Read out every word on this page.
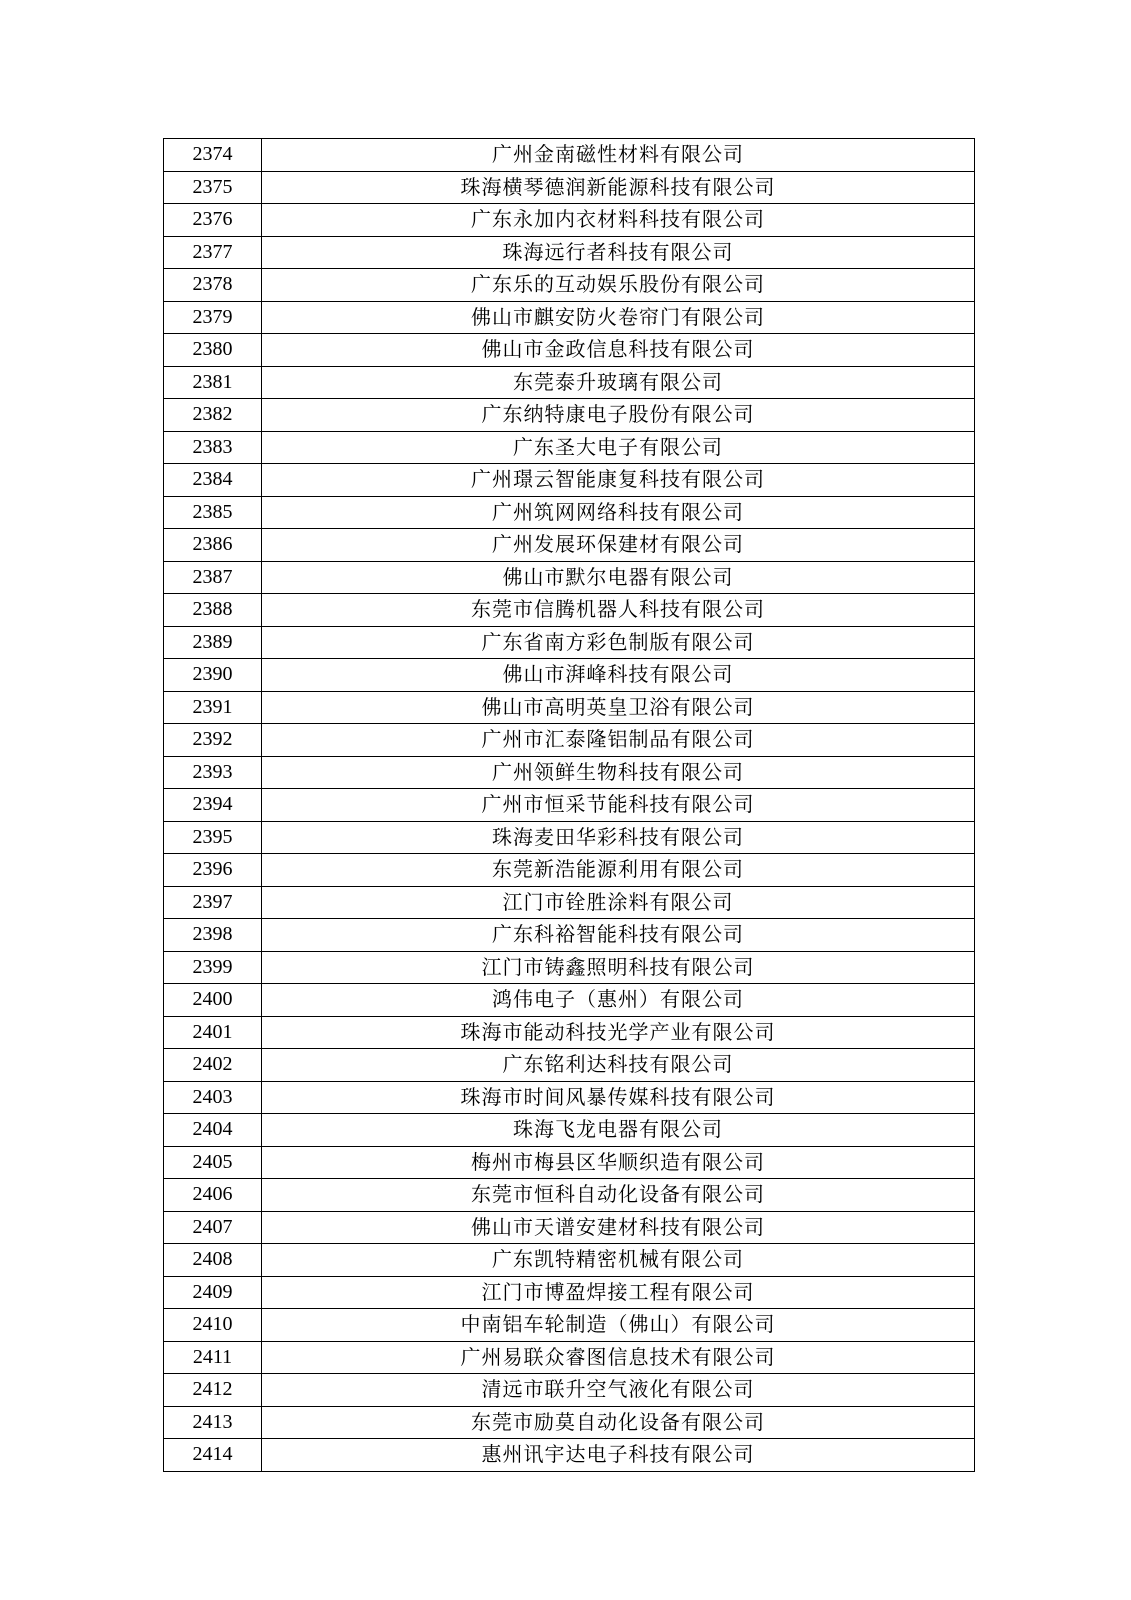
2374	广州金南磁性材料有限公司
2375	珠海横琴德润新能源科技有限公司
2376	广东永加内衣材料科技有限公司
2377	珠海远行者科技有限公司
2378	广东乐的互动娱乐股份有限公司
2379	佛山市麒安防火卷帘门有限公司
2380	佛山市金政信息科技有限公司
2381	东莞泰升玻璃有限公司
2382	广东纳特康电子股份有限公司
2383	广东圣大电子有限公司
2384	广州璟云智能康复科技有限公司
2385	广州筑网网络科技有限公司
2386	广州发展环保建材有限公司
2387	佛山市默尔电器有限公司
2388	东莞市信腾机器人科技有限公司
2389	广东省南方彩色制版有限公司
2390	佛山市湃峰科技有限公司
2391	佛山市高明英皇卫浴有限公司
2392	广州市汇泰隆铝制品有限公司
2393	广州领鲜生物科技有限公司
2394	广州市恒采节能科技有限公司
2395	珠海麦田华彩科技有限公司
2396	东莞新浩能源利用有限公司
2397	江门市铨胜涂料有限公司
2398	广东科裕智能科技有限公司
2399	江门市铸鑫照明科技有限公司
2400	鸿伟电子（惠州）有限公司
2401	珠海市能动科技光学产业有限公司
2402	广东铭利达科技有限公司
2403	珠海市时间风暴传媒科技有限公司
2404	珠海飞龙电器有限公司
2405	梅州市梅县区华顺织造有限公司
2406	东莞市恒科自动化设备有限公司
2407	佛山市天谱安建材科技有限公司
2408	广东凯特精密机械有限公司
2409	江门市博盈焊接工程有限公司
2410	中南铝车轮制造（佛山）有限公司
2411	广州易联众睿图信息技术有限公司
2412	清远市联升空气液化有限公司
2413	东莞市励莫自动化设备有限公司
2414	惠州讯宇达电子科技有限公司
